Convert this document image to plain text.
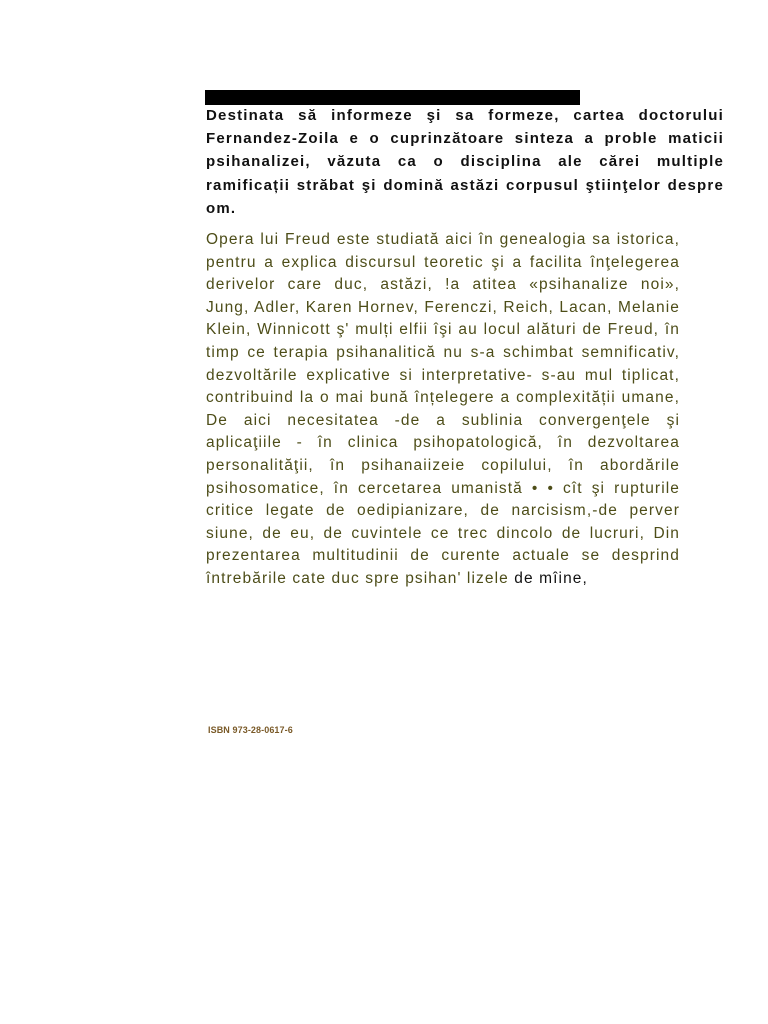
Destinata să informeze şi sa formeze, cartea doctorului Fernandez-Zoila e o cuprinzătoare sinteza a proble maticii psihanalizei, văzuta ca o disciplina ale cărei multiple ramificații străbat şi domină astăzi corpusul ştiinţelor despre om.

Opera lui Freud este studiată aici în genealogia sa istorica, pentru a explica discursul teoretic şi a facilita înţelegerea derivelor care duc, astăzi, !a atitea «psihanalize noi», Jung, Adler, Karen Hornev, Ferenczi, Reich, Lacan, Melanie Klein, Winnicott ş' mulți elfii îşi au locul alături de Freud, în timp ce terapia psihanalitică nu s-a schimbat semnificativ, dezvoltările explicative si interpretative- s-au mul tiplicat, contribuind la o mai bună înțelegere a complexității umane, De aici necesitatea -de a sublinia convergenţele şi aplicaţiile - în clinica psihopatologică, în dezvoltarea personalităţii, în psihanaiizeie copilului, în abordările psihosomatice, în cercetarea umanistă • • cît şi rupturile critice legate de oedipianizare, de narcisism,-de perver siune, de eu, de cuvintele ce trec dincolo de lucruri, Din prezentarea multitudinii de curente actuale se desprind întrebările cate duc spre psihan' lizele de mîine,

ISBN 973-28-0617-6
